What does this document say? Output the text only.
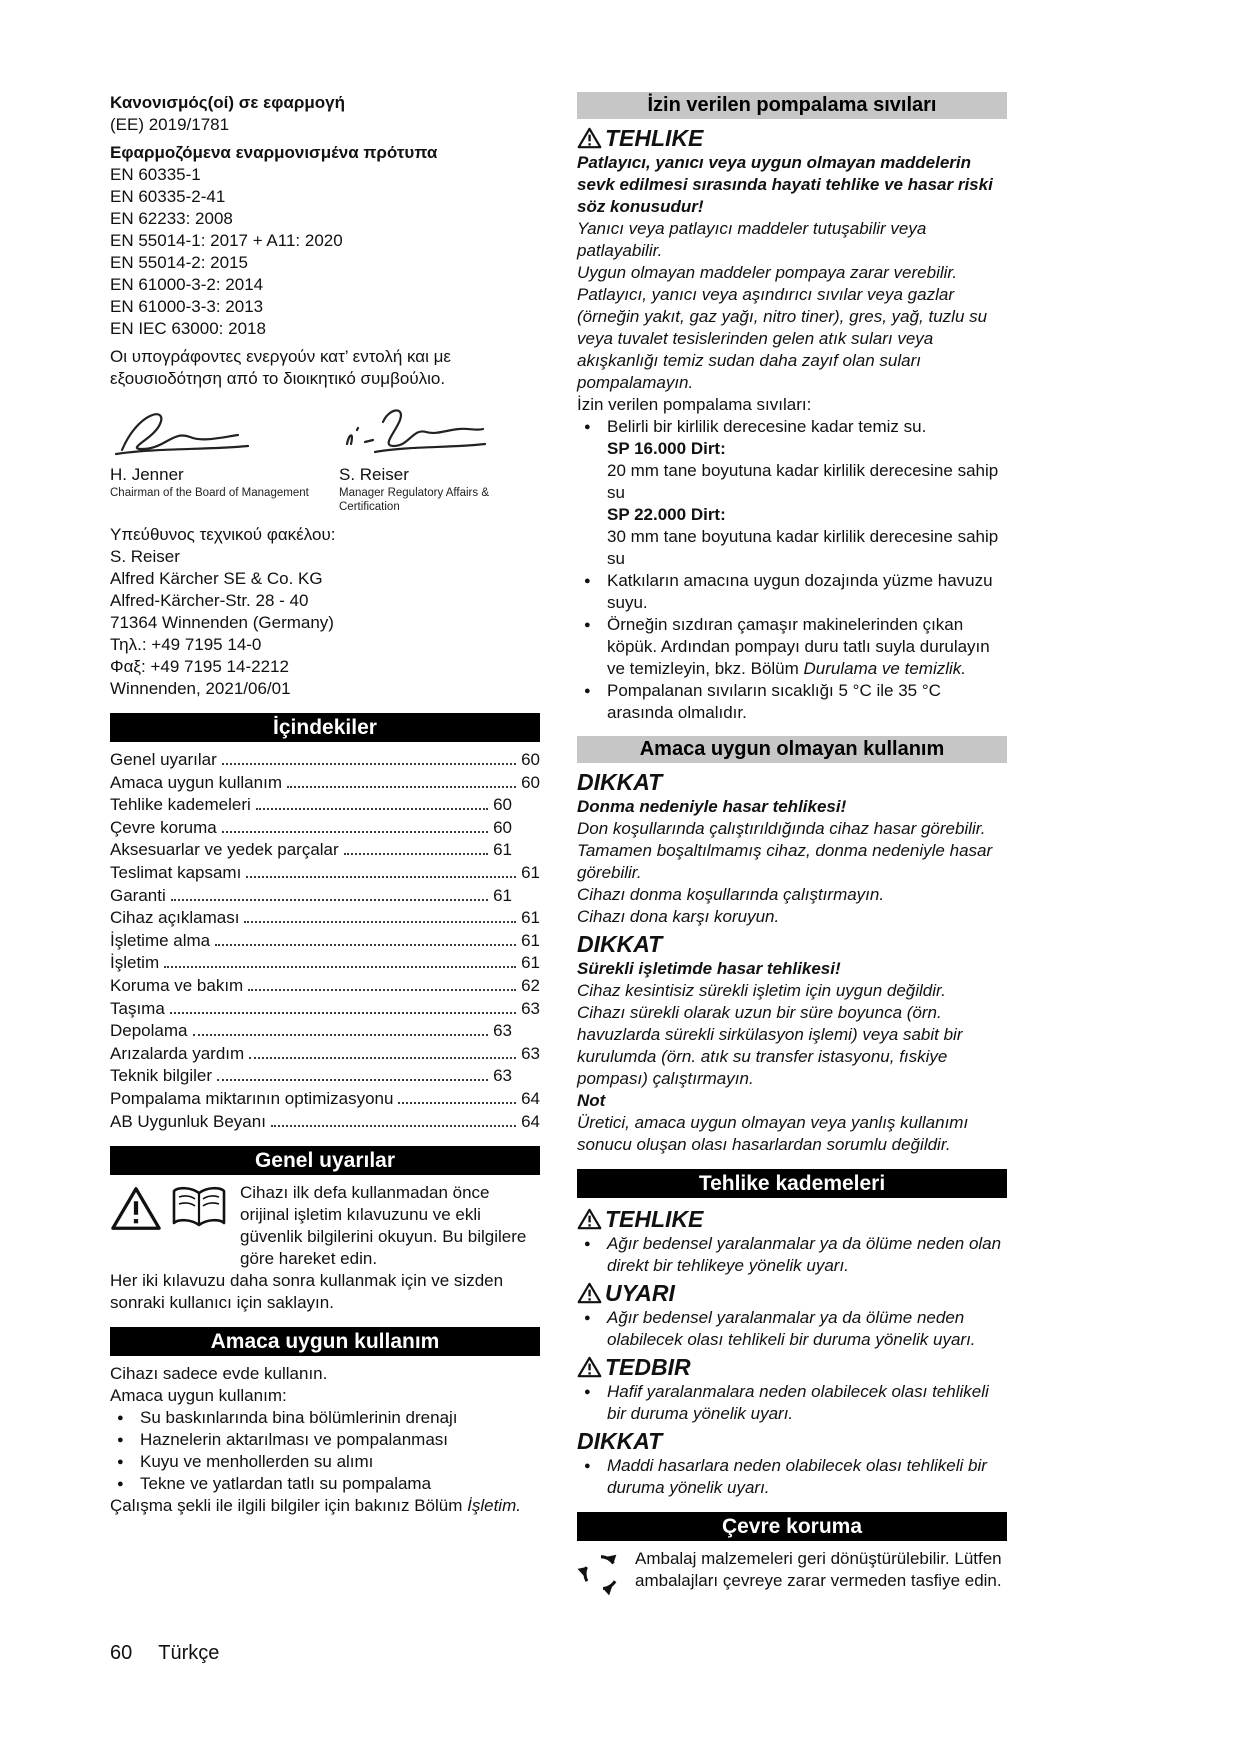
Κανονισμός(οί) σε εφαρμογή
(EE) 2019/1781
Εφαρμοζόμενα εναρμονισμένα πρότυπα
EN 60335-1
EN 60335-2-41
EN 62233: 2008
EN 55014-1: 2017 + A11: 2020
EN 55014-2: 2015
EN 61000-3-2: 2014
EN 61000-3-3: 2013
EN IEC 63000: 2018

Οι υπογράφοντες ενεργούν κατ’ εντολή και με εξουσιοδότηση από το διοικητικό συμβούλιο.

H. Jenner
Chairman of the Board of Management
S. Reiser
Manager Regulatory Affairs & Certification
Υπεύθυνος τεχνικού φακέλου:
S. Reiser
Alfred Kärcher SE & Co. KG
Alfred-Kärcher-Str. 28 - 40
71364 Winnenden (Germany)
Τηλ.: +49 7195 14-0
Φαξ: +49 7195 14-2212
Winnenden, 2021/06/01
İçindekiler
Genel uyarılar	60
Amaca uygun kullanım	60
Tehlike kademeleri	60
Çevre koruma	60
Aksesuarlar ve yedek parçalar	61
Teslimat kapsamı	61
Garanti	61
Cihaz açıklaması	61
İşletime alma	61
İşletim	61
Koruma ve bakım	62
Taşıma	63
Depolama	63
Arızalarda yardım	63
Teknik bilgiler	63
Pompalama miktarının optimizasyonu	64
AB Uygunluk Beyanı	64
Genel uyarılar

Cihazı ilk defa kullanmadan önce orijinal işletim kılavuzunu ve ekli güvenlik bilgilerini okuyun. Bu bilgilere göre hareket edin.

Her iki kılavuzu daha sonra kullanmak için ve sizden sonraki kullanıcı için saklayın.

Amaca uygun kullanım

Cihazı sadece evde kullanın.

Amaca uygun kullanım:

● Su baskınlarında bina bölümlerinin drenajı

● Haznelerin aktarılması ve pompalanması

● Kuyu ve menhollerden su alımı

● Tekne ve yatlardan tatlı su pompalama

Çalışma şekli ile ilgili bilgiler için bakınız Bölüm İşletim.

İzin verilen pompalama sıvıları
TEHLIKE

Patlayıcı, yanıcı veya uygun olmayan maddelerin sevk edilmesi sırasında hayati tehlike ve hasar riski söz konusudur!

Yanıcı veya patlayıcı maddeler tutuşabilir veya patlayabilir.

Uygun olmayan maddeler pompaya zarar verebilir.

Patlayıcı, yanıcı veya aşındırıcı sıvılar veya gazlar (örneğin yakıt, gaz yağı, nitro tiner), gres, yağ, tuzlu su veya tuvalet tesislerinden gelen atık suları veya akışkanlığı temiz sudan daha zayıf olan suları pompalamayın.

İzin verilen pompalama sıvıları:

● Belirli bir kirlilik derecesine kadar temiz su.

SP 16.000 Dirt:

20 mm tane boyutuna kadar kirlilik derecesine sahip su

SP 22.000 Dirt:

30 mm tane boyutuna kadar kirlilik derecesine sahip su

● Katkıların amacına uygun dozajında yüzme havuzu suyu.

● Örneğin sızdıran çamaşır makinelerinden çıkan köpük. Ardından pompayı duru tatlı suyla durulayın ve temizleyin, bkz. Bölüm Durulama ve temizlik.

● Pompalanan sıvıların sıcaklığı 5 °C ile 35 °C arasında olmalıdır.

Amaca uygun olmayan kullanım
DIKKAT

Donma nedeniyle hasar tehlikesi!

Don koşullarında çalıştırıldığında cihaz hasar görebilir.

Tamamen boşaltılmamış cihaz, donma nedeniyle hasar görebilir.

Cihazı donma koşullarında çalıştırmayın.

Cihazı dona karşı koruyun.

DIKKAT

Sürekli işletimde hasar tehlikesi!

Cihaz kesintisiz sürekli işletim için uygun değildir.

Cihazı sürekli olarak uzun bir süre boyunca (örn. havuzlarda sürekli sirkülasyon işlemi) veya sabit bir kurulumda (örn. atık su transfer istasyonu, fıskiye pompası) çalıştırmayın.

Not

Üretici, amaca uygun olmayan veya yanlış kullanımı sonucu oluşan olası hasarlardan sorumlu değildir.

Tehlike kademeleri
TEHLIKE

● Ağır bedensel yaralanmalar ya da ölüme neden olan direkt bir tehlikeye yönelik uyarı.

UYARI

● Ağır bedensel yaralanmalar ya da ölüme neden olabilecek olası tehlikeli bir duruma yönelik uyarı.

TEDBIR

● Hafif yaralanmalara neden olabilecek olası tehlikeli bir duruma yönelik uyarı.

DIKKAT

● Maddi hasarlara neden olabilecek olası tehlikeli bir duruma yönelik uyarı.

Çevre koruma

Ambalaj malzemeleri geri dönüştürülebilir. Lütfen ambalajları çevreye zarar vermeden tasfiye edin.

60 Türkçe
